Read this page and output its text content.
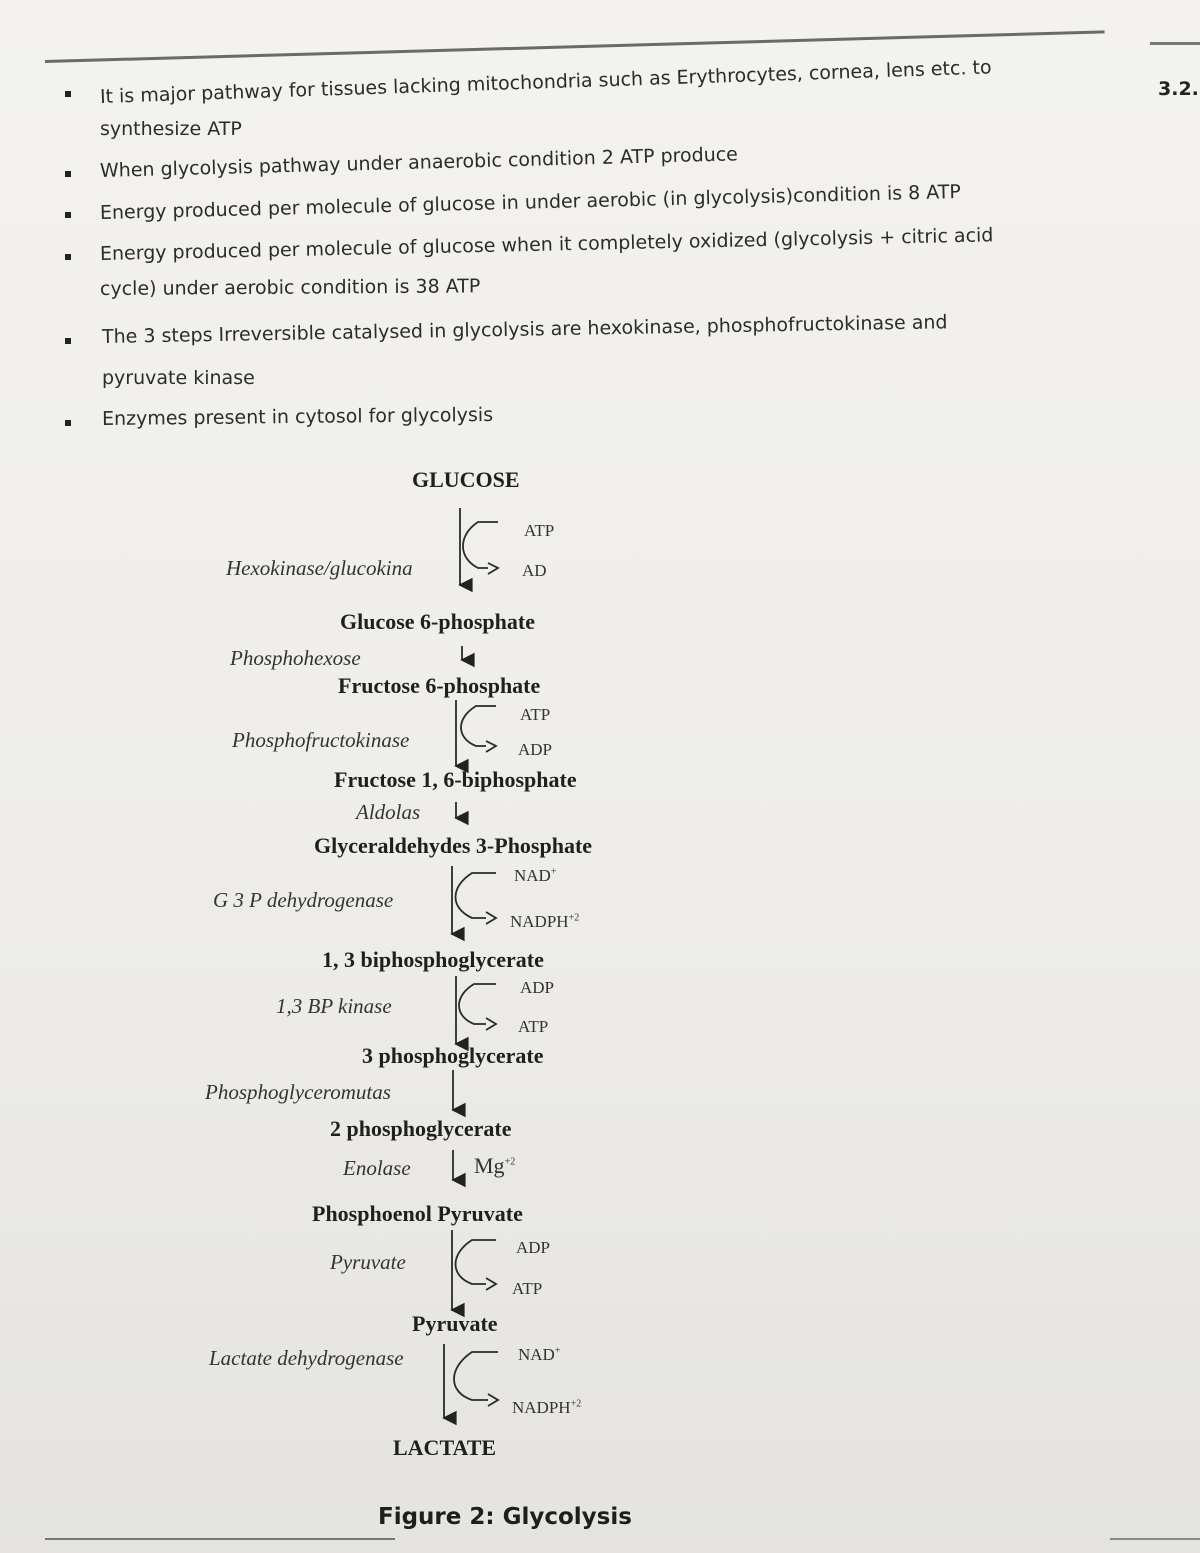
3.2.
It is major pathway for tissues lacking mitochondria such as Erythrocytes, cornea, lens etc. to
synthesize ATP
When glycolysis pathway under anaerobic condition 2 ATP produce
Energy produced per molecule of glucose in under aerobic (in glycolysis)condition is 8 ATP
Energy produced per molecule of glucose when it completely oxidized (glycolysis + citric acid
cycle) under aerobic condition is 38 ATP
The 3 steps Irreversible catalysed in glycolysis are hexokinase, phosphofructokinase and
pyruvate kinase
Enzymes present in cytosol for glycolysis
GLUCOSE
ATP
Hexokinase/glucokina	AD
Glucose 6-phosphate
Phosphohexose
Fructose 6-phosphate
ATP
Phosphofructokinase	ADP
Fructose 1, 6-biphosphate
Aldolas
Glyceraldehydes 3-Phosphate
NAD+
G 3 P dehydrogenase
$NADPH^{+2}$
1, 3 biphosphoglycerate
ADP
1,3 BP kinase
ATP
3 phosphoglycerate
Phosphoglyceromutas
2 phosphoglycerate
Enolase	$Mg^{+2}$
Phosphoenol Pyruvate
ADP
Pyruvate
ATP
Pyruvate
Lactate dehydrogenase	NAD+
$NADPH^{+2}$
LACTATE
Figure 2: Glycolysis
